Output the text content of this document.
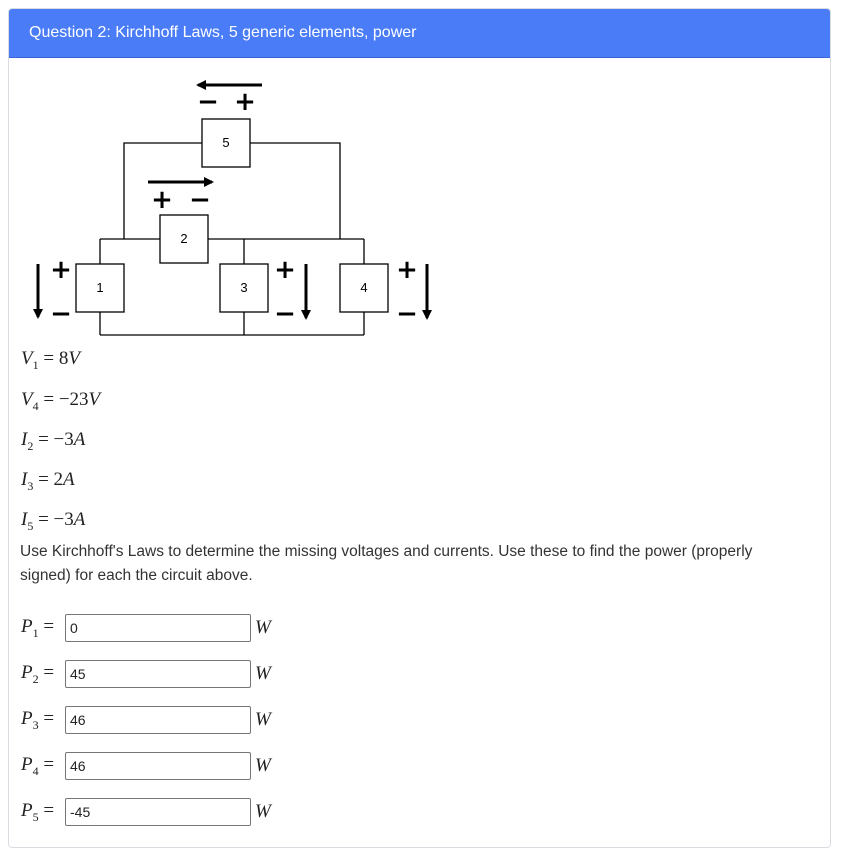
Question 2: Kirchhoff Laws, 5 generic elements, power
5
2
1	3	4
− +
+ −
+
−
+
−
+
−
$V_1 = 8V$
$V_4 = -23V$
$I_2 = -3A$
$I_3 = 2A$
$I_5 = -3A$
Use Kirchhoff's Laws to determine the missing voltages and currents. Use these to find the power (properly signed) for each the circuit above.
$P_1$ =
0	W
$P_2$ =
45	W
$P_3$ =
46	W
$P_4$ =
46	W
$P_5$ =
-45	W
